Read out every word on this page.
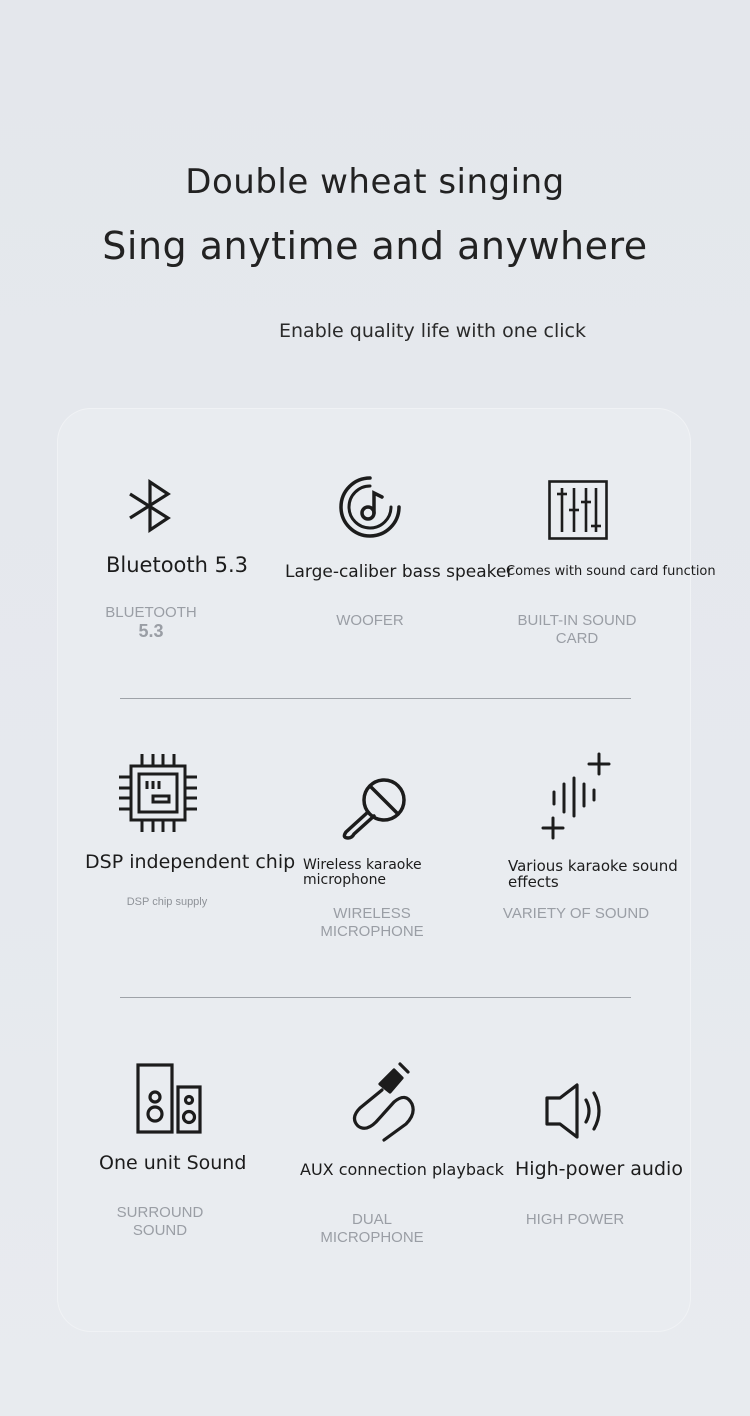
Double wheat singing
Sing anytime and anywhere
Enable quality life with one click
Bluetooth 5.3
BLUETOOTH
5.3
Large-caliber bass speaker
WOOFER
Comes with sound card function
BUILT-IN SOUND
CARD
DSP independent chip
DSP chip supply
Wireless karaoke
microphone
WIRELESS
MICROPHONE
Various karaoke sound
effects
VARIETY OF SOUND
One unit Sound
SURROUND
SOUND
AUX connection playback
DUAL
MICROPHONE
High-power audio
HIGH POWER
